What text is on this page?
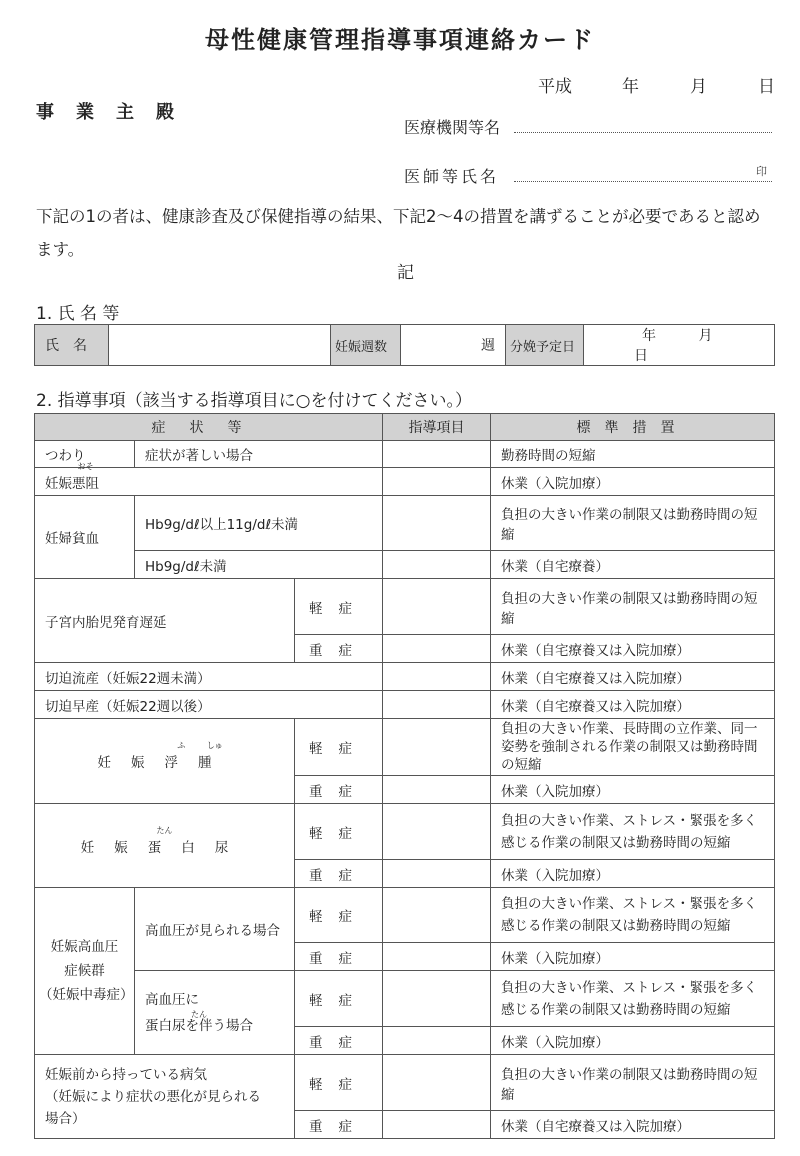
母性健康管理指導事項連絡カード
平成	年	月	日
事業主殿
医療機関等名
医師等氏名	印
下記の1の者は、健康診査及び保健指導の結果、下記2～4の措置を講ずることが必要であると認めます。
記
1. 氏 名 等
氏　名		妊娠週数	週	分娩予定日	年	月 日
2. 指導事項（該当する指導項目に○を付けてください。）
症状等			指導項目	標準措置
つわり	症状が著しい場合			勤務時間の短縮
妊娠
おそ
悪阻				休業（入院加療）
妊婦貧血	Hb9g/dℓ以上11g/dℓ未満			負担の大きい作業の制限又は勤務時間の短縮
	Hb9g/dℓ未満			休業（自宅療養）
子宮内胎児発育遅延		軽症		負担の大きい作業の制限又は勤務時間の短縮
		重症		休業（自宅療養又は入院加療）
切迫流産（妊娠22週未満）				休業（自宅療養又は入院加療）
切迫早産（妊娠22週以後）				休業（自宅療養又は入院加療）
妊娠
ふ
浮
しゅ
腫		軽症		負担の大きい作業、長時間の立作業、同一姿勢を強制される作業の制限又は勤務時間の短縮
		重症		休業（入院加療）
妊娠
たん
蛋白尿		軽症		負担の大きい作業、ストレス・緊張を多く感じる作業の制限又は勤務時間の短縮
		重症		休業（入院加療）
妊娠高血圧
症候群
（妊娠中毒症）	高血圧が見られる場合	軽症		負担の大きい作業、ストレス・緊張を多く感じる作業の制限又は勤務時間の短縮
		重症		休業（入院加療）
	高血圧に

たん
蛋白尿を伴う場合	軽症		負担の大きい作業、ストレス・緊張を多く感じる作業の制限又は勤務時間の短縮
		重症		休業（入院加療）
妊娠前から持っている病気
（妊娠により症状の悪化が見られる
場合）		軽症		負担の大きい作業の制限又は勤務時間の短縮
		重症		休業（自宅療養又は入院加療）
